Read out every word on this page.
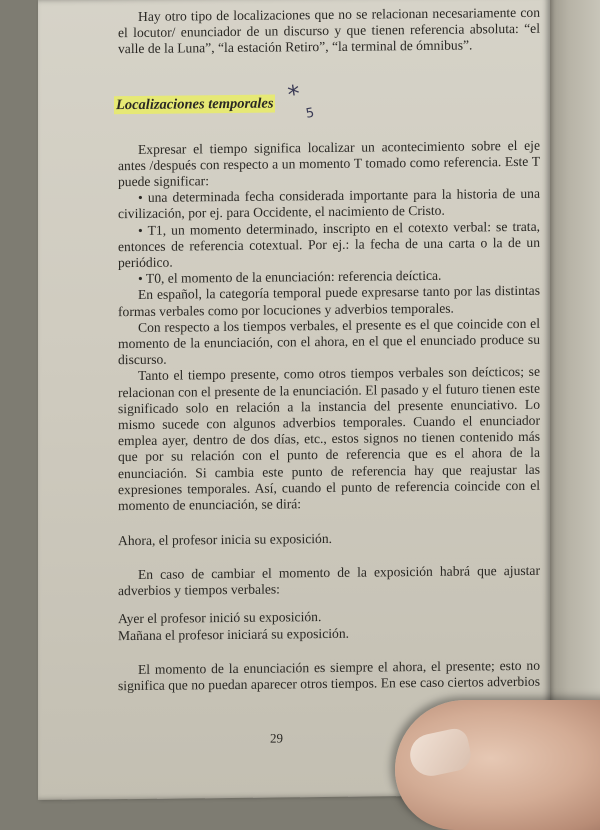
Hay otro tipo de localizaciones que no se relacionan necesariamente con el locutor/ enunciador de un discurso y que tienen referencia absoluta: “el valle de la Luna”, “la estación Retiro”, “la terminal de ómnibus”.

Localizaciones temporales *
5

Expresar el tiempo significa localizar un acontecimiento sobre el eje antes /después con respecto a un momento T tomado como referencia. Este T puede significar:

• una determinada fecha considerada importante para la historia de una civilización, por ej. para Occidente, el nacimiento de Cristo.

• T1, un momento determinado, inscripto en el cotexto verbal: se trata, entonces de referencia cotextual. Por ej.: la fecha de una carta o la de un periódico.

• T0, el momento de la enunciación: referencia deíctica.

En español, la categoría temporal puede expresarse tanto por las distintas formas verbales como por locuciones y adverbios temporales.

Con respecto a los tiempos verbales, el presente es el que coincide con el momento de la enunciación, con el ahora, en el que el enunciado produce su discurso.

Tanto el tiempo presente, como otros tiempos verbales son deícticos; se relacionan con el presente de la enunciación. El pasado y el futuro tienen este significado solo en relación a la instancia del presente enunciativo. Lo mismo sucede con algunos adverbios temporales. Cuando el enunciador emplea ayer, dentro de dos días, etc., estos signos no tienen contenido más que por su relación con el punto de referencia que es el ahora de la enunciación. Si cambia este punto de referencia hay que reajustar las expresiones temporales. Así, cuando el punto de referencia coincide con el momento de enunciación, se dirá:

Ahora, el profesor inicia su exposición.

En caso de cambiar el momento de la exposición habrá que ajustar adverbios y tiempos verbales:

Ayer el profesor inició su exposición.

Mañana el profesor iniciará su exposición.

El momento de la enunciación es siempre el ahora, el presente; esto no significa que no puedan aparecer otros tiempos. En ese caso ciertos adverbios

29
